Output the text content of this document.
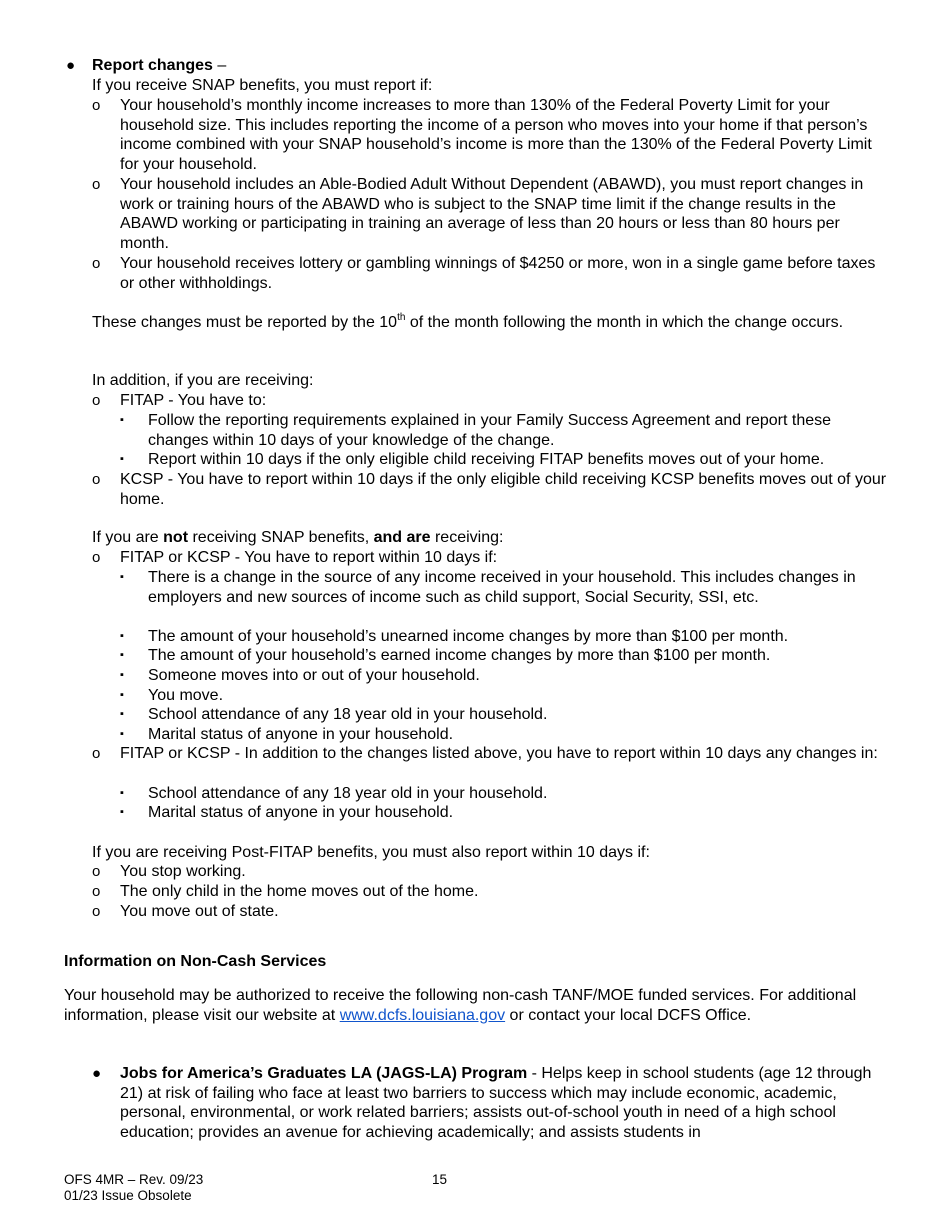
● Report changes –
If you receive SNAP benefits, you must report if:
o Your household’s monthly income increases to more than 130% of the Federal Poverty Limit for your household size. This includes reporting the income of a person who moves into your home if that person’s income combined with your SNAP household’s income is more than the 130% of the Federal Poverty Limit for your household.
o Your household includes an Able-Bodied Adult Without Dependent (ABAWD), you must report changes in work or training hours of the ABAWD who is subject to the SNAP time limit if the change results in the ABAWD working or participating in training an average of less than 20 hours or less than 80 hours per month.
o Your household receives lottery or gambling winnings of $4250 or more, won in a single game before taxes or other withholdings.
These changes must be reported by the 10th of the month following the month in which the change occurs.
In addition, if you are receiving:
o FITAP - You have to:
▪ Follow the reporting requirements explained in your Family Success Agreement and report these changes within 10 days of your knowledge of the change.
▪ Report within 10 days if the only eligible child receiving FITAP benefits moves out of your home.
o KCSP - You have to report within 10 days if the only eligible child receiving KCSP benefits moves out of your home.
If you are not receiving SNAP benefits, and are receiving:
o FITAP or KCSP - You have to report within 10 days if:
▪ There is a change in the source of any income received in your household. This includes changes in employers and new sources of income such as child support, Social Security, SSI, etc.
▪ The amount of your household’s unearned income changes by more than $100 per month.
▪ The amount of your household’s earned income changes by more than $100 per month.
▪ Someone moves into or out of your household.
▪ You move.
▪ School attendance of any 18 year old in your household.
▪ Marital status of anyone in your household.
o FITAP or KCSP - In addition to the changes listed above, you have to report within 10 days any changes in:
▪ School attendance of any 18 year old in your household.
▪ Marital status of anyone in your household.
If you are receiving Post-FITAP benefits, you must also report within 10 days if:
o You stop working.
o The only child in the home moves out of the home.
o You move out of state.
Information on Non-Cash Services
Your household may be authorized to receive the following non-cash TANF/MOE funded services. For additional information, please visit our website at www.dcfs.louisiana.gov or contact your local DCFS Office.
● Jobs for America’s Graduates LA (JAGS-LA) Program - Helps keep in school students (age 12 through 21) at risk of failing who face at least two barriers to success which may include economic, academic, personal, environmental, or work related barriers; assists out-of-school youth in need of a high school education; provides an avenue for achieving academically; and assists students in
OFS 4MR – Rev. 09/23
01/23 Issue Obsolete
15
